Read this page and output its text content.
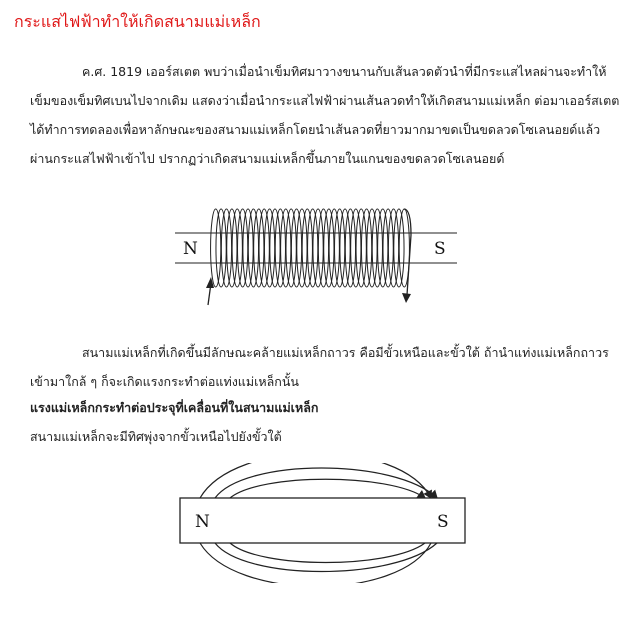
กระแสไฟฟ้าทำให้เกิดสนามแม่เหล็ก

ค.ศ. 1819 เออร์สเตต พบว่าเมื่อนำเข็มทิศมาวางขนานกับเส้นลวดตัวนำที่มีกระแสไหลผ่านจะทำให้เข็มของเข็มทิศเบนไปจากเดิม แสดงว่าเมื่อนำกระแสไฟฟ้าผ่านเส้นลวดทำให้เกิดสนามแม่เหล็ก ต่อมาเออร์สเตตได้ทำการทดลองเพื่อหาลักษณะของสนามแม่เหล็กโดยนำเส้นลวดที่ยาวมากมาขดเป็นขดลวดโซเลนอยด์แล้วผ่านกระแสไฟฟ้าเข้าไป ปรากฏว่าเกิดสนามแม่เหล็กขึ้นภายในแกนของขดลวดโซเลนอยด์

N	S

สนามแม่เหล็กที่เกิดขึ้นมีลักษณะคล้ายแม่เหล็กถาวร คือมีขั้วเหนือและขั้วใต้ ถ้านำแท่งแม่เหล็กถาวรเข้ามาใกล้ ๆ ก็จะเกิดแรงกระทำต่อแท่งแม่เหล็กนั้น

แรงแม่เหล็กกระทำต่อประจุที่เคลื่อนที่ในสนามแม่เหล็ก
สนามแม่เหล็กจะมีทิศพุ่งจากขั้วเหนือไปยังขั้วใต้
N	S
